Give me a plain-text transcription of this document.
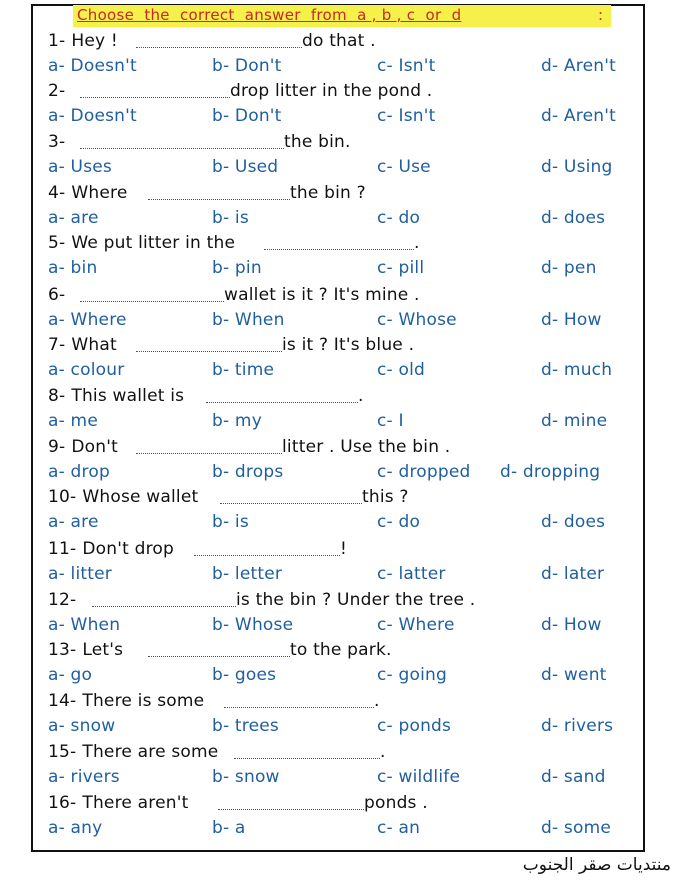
Choose  the  correct  answer  from  a , b , c  or  d	:
1- Hey !	do that .
a- Doesn't	b- Don't	c- Isn't	d- Aren't
2-	drop litter in the pond .
a- Doesn't	b- Don't	c- Isn't	d- Aren't
3-	the bin.
a- Uses	b- Used	c- Use	d- Using
4- Where	the bin ?
a- are	b- is	c- do	d- does
5- We put litter in the	.
a- bin	b- pin	c- pill	d- pen
6-	wallet is it ? It's mine .
a- Where	b- When	c- Whose	d- How
7- What	is it ? It's blue .
a- colour	b- time	c- old	d- much
8- This wallet is	.
a- me	b- my	c- I	d- mine
9- Don't	litter . Use the bin .
a- drop	b- drops	c- dropped d- dropping
10- Whose wallet	this ?
a- are	b- is	c- do	d- does
11- Don't drop	!
a- litter	b- letter	c- latter	d- later
12-	is the bin ? Under the tree .
a- When	b- Whose	c- Where	d- How
13- Let's	to the park.
a- go	b- goes	c- going	d- went
14- There is some	.
a- snow	b- trees	c- ponds	d- rivers
15- There are some	.
a- rivers	b- snow	c- wildlife	d- sand
16- There aren't	ponds .
a- any	b- a	c- an	d- some
منتديات صقر الجنوب
